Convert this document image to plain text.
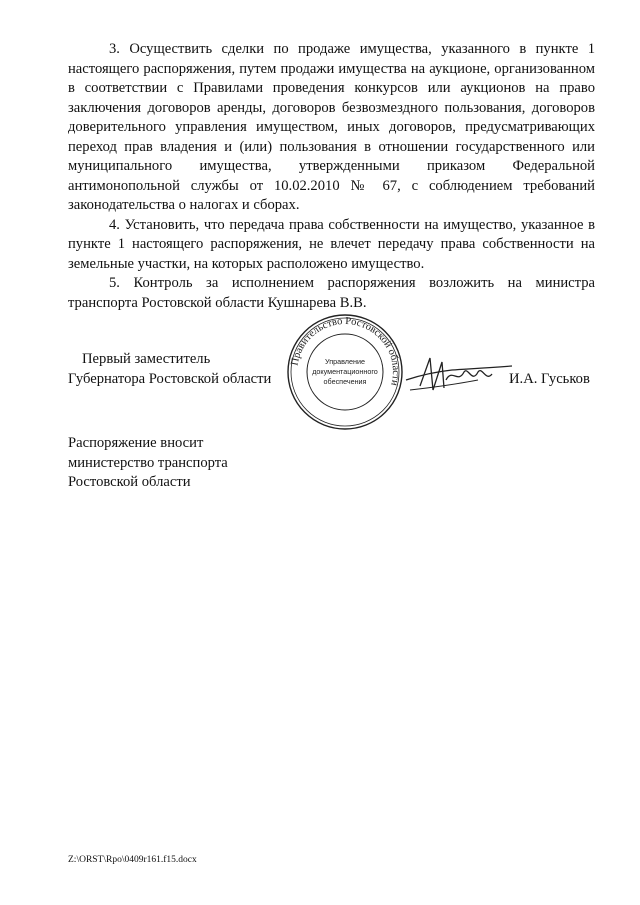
3. Осуществить сделки по продаже имущества, указанного в пункте 1 настоящего распоряжения, путем продажи имущества на аукционе, организованном в соответствии с Правилами проведения конкурсов или аукционов на право заключения договоров аренды, договоров безвозмездного пользования, договоров доверительного управления имуществом, иных договоров, предусматривающих переход прав владения и (или) пользования в отношении государственного или муниципального имущества, утвержденными приказом Федеральной антимонопольной службы от 10.02.2010 № 67, с соблюдением требований законодательства о налогах и сборах.

4. Установить, что передача права собственности на имущество, указанное в пункте 1 настоящего распоряжения, не влечет передачу права собственности на земельные участки, на которых расположено имущество.

5. Контроль за исполнением распоряжения возложить на министра транспорта Ростовской области Кушнарева В.В.

Первый заместитель
Губернатора Ростовской области
Правительство Ростовской области
Управление
документационного
обеспечения	И.А. Гуськов
Распоряжение вносит
министерство транспорта
Ростовской области
Z:\ORST\Rpo\0409r161.f15.docx
